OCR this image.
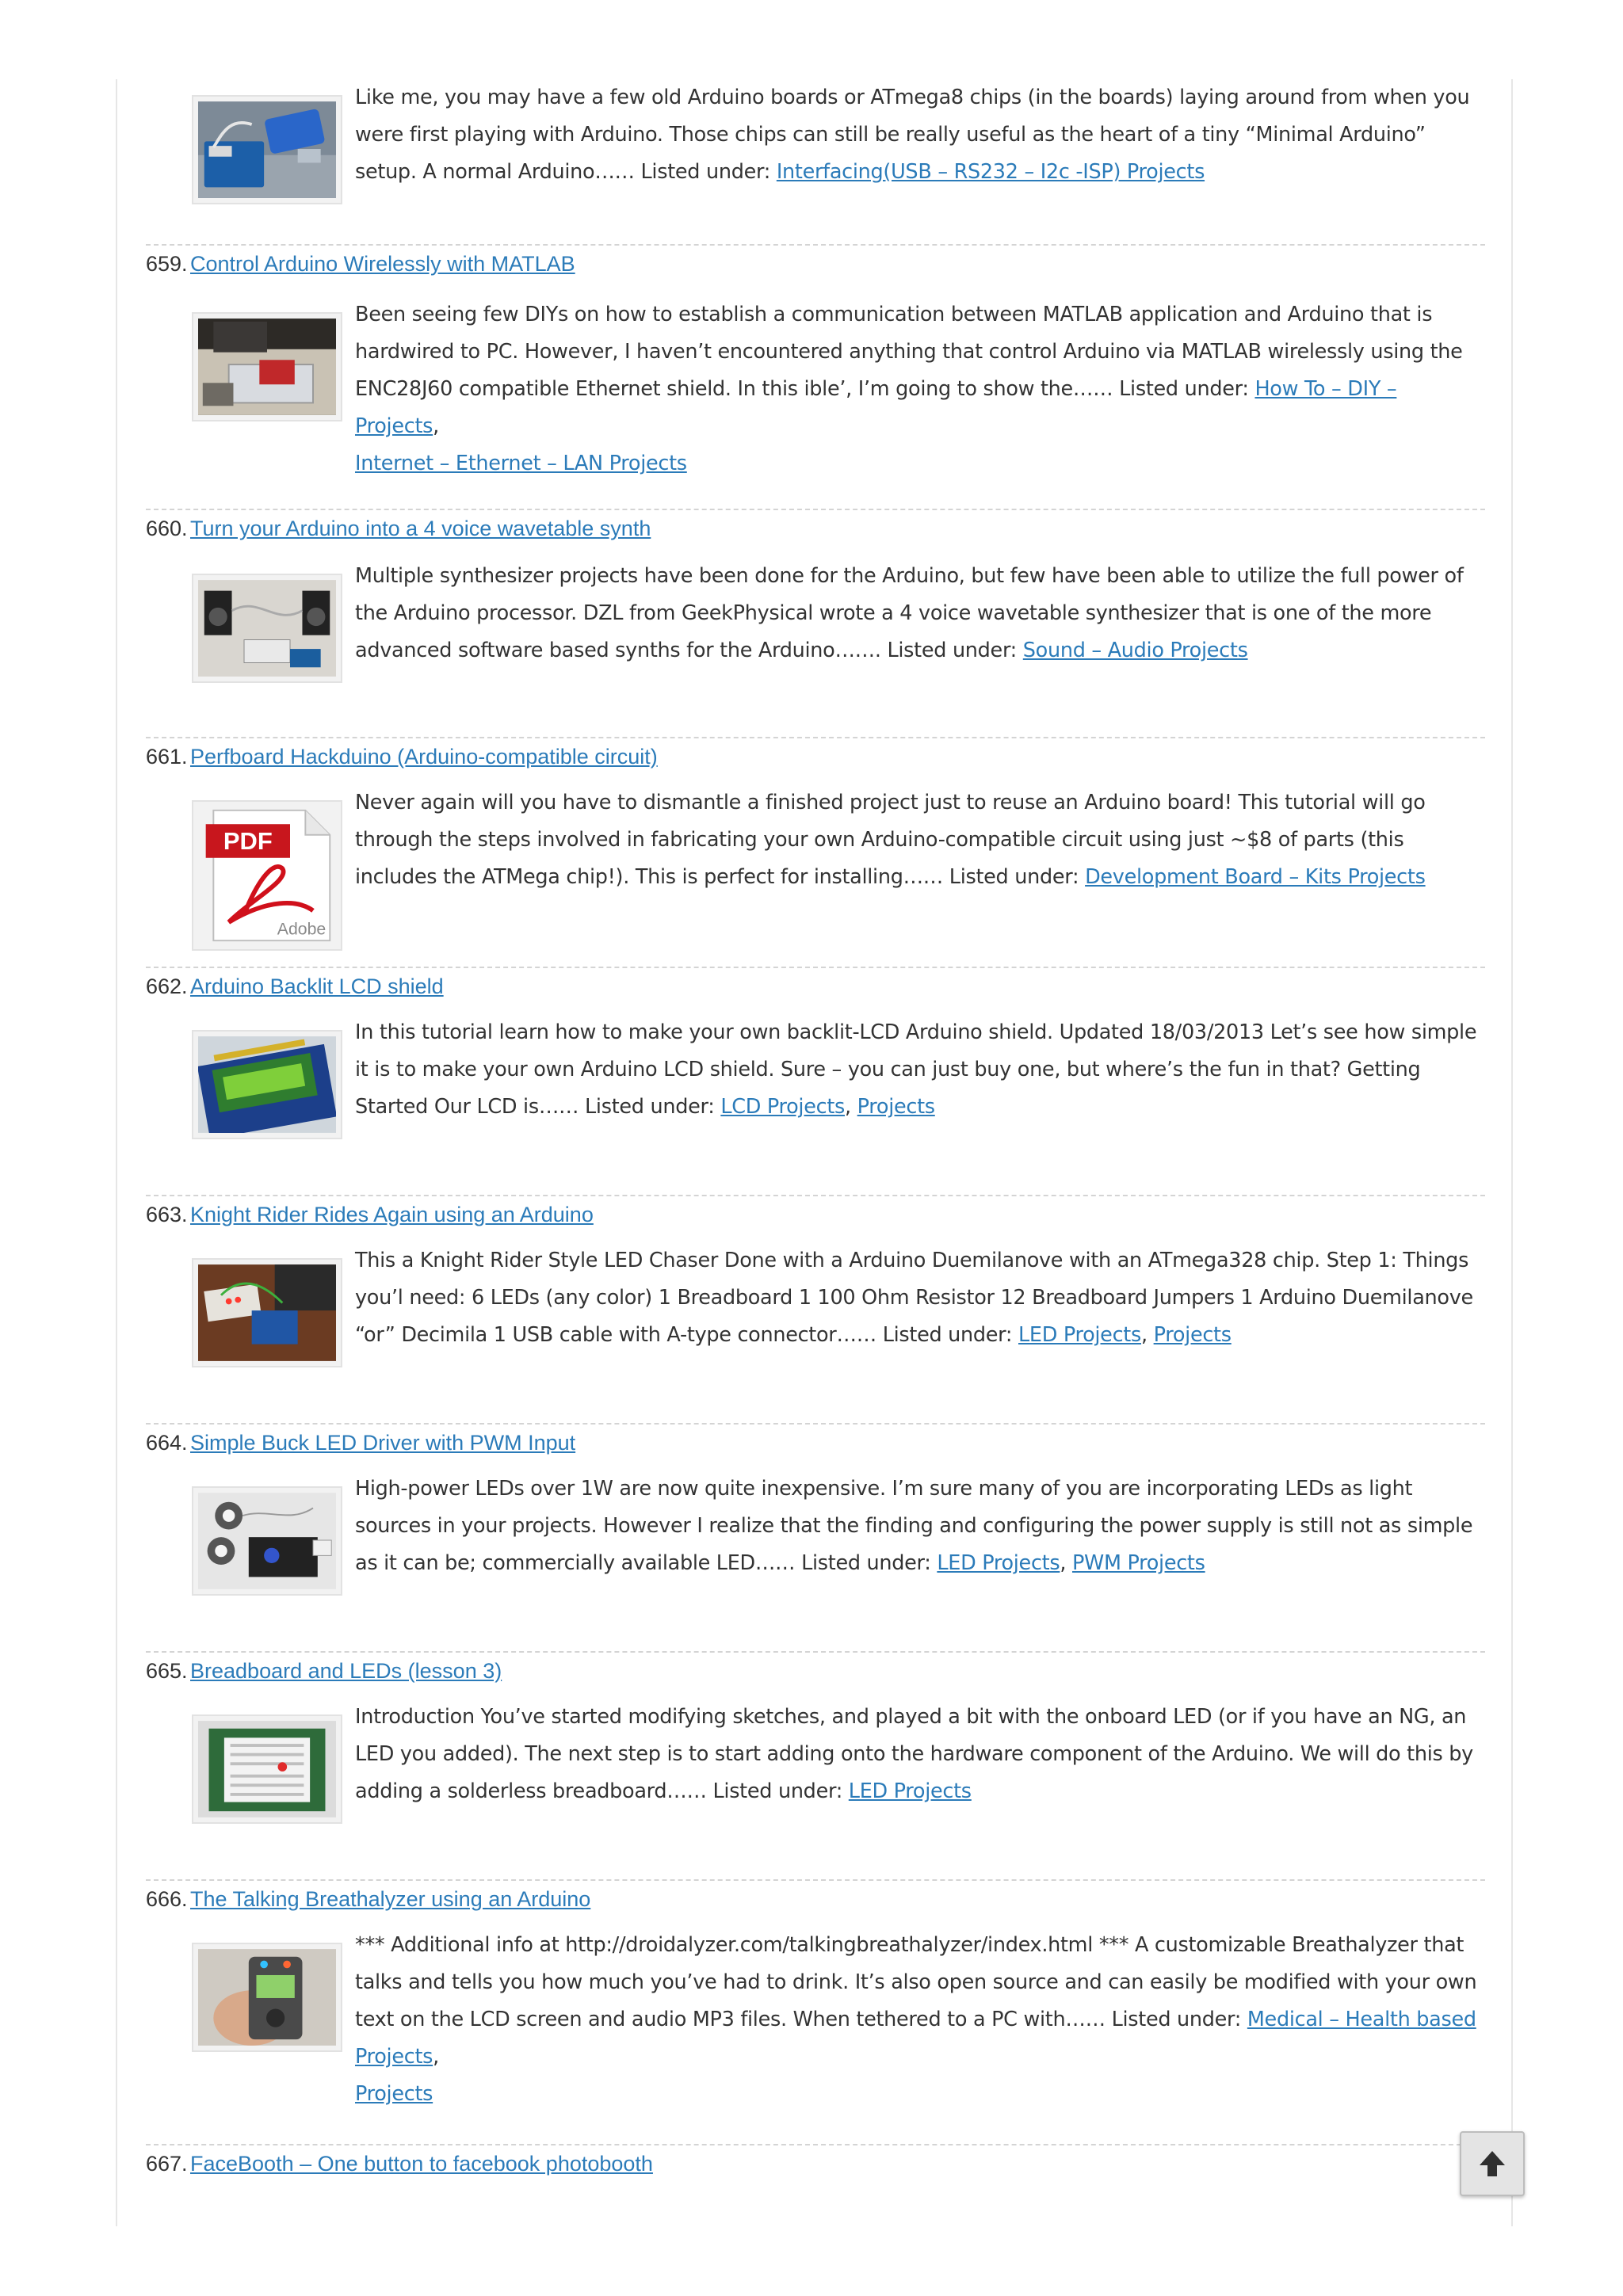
Like me, you may have a few old Arduino boards or ATmega8 chips (in the boards) laying around from when you were first playing with Arduino. Those chips can still be really useful as the heart of a tiny “Minimal Arduino” setup. A normal Arduino…… Listed under: Interfacing(USB – RS232 – I2c -ISP) Projects
659. Control Arduino Wirelessly with MATLAB
Been seeing few DIYs on how to establish a communication between MATLAB application and Arduino that is hardwired to PC. However, I haven’t encountered anything that control Arduino via MATLAB wirelessly using the ENC28J60 compatible Ethernet shield. In this ible’, I’m going to show the…… Listed under: How To – DIY – Projects,
Internet – Ethernet – LAN Projects
660. Turn your Arduino into a 4 voice wavetable synth
Multiple synthesizer projects have been done for the Arduino, but few have been able to utilize the full power of the Arduino processor. DZL from GeekPhysical wrote a 4 voice wavetable synthesizer that is one of the more advanced software based synths for the Arduino……. Listed under: Sound – Audio Projects
661. Perfboard Hackduino (Arduino-compatible circuit)
PDF
Adobe
Never again will you have to dismantle a finished project just to reuse an Arduino board! This tutorial will go through the steps involved in fabricating your own Arduino-compatible circuit using just ~$8 of parts (this includes the ATMega chip!). This is perfect for installing…… Listed under: Development Board – Kits Projects
662. Arduino Backlit LCD shield
In this tutorial learn how to make your own backlit-LCD Arduino shield. Updated 18/03/2013 Let’s see how simple it is to make your own Arduino LCD shield. Sure – you can just buy one, but where’s the fun in that? Getting Started Our LCD is…… Listed under: LCD Projects, Projects
663. Knight Rider Rides Again using an Arduino
This a Knight Rider Style LED Chaser Done with a Arduino Duemilanove with an ATmega328 chip. Step 1: Things you’l need: 6 LEDs (any color) 1 Breadboard 1 100 Ohm Resistor 12 Breadboard Jumpers 1 Arduino Duemilanove “or” Decimila 1 USB cable with A-type connector…… Listed under: LED Projects, Projects
664. Simple Buck LED Driver with PWM Input
High-power LEDs over 1W are now quite inexpensive. I’m sure many of you are incorporating LEDs as light sources in your projects. However I realize that the finding and configuring the power supply is still not as simple as it can be; commercially available LED…… Listed under: LED Projects, PWM Projects
665. Breadboard and LEDs (lesson 3)
Introduction You’ve started modifying sketches, and played a bit with the onboard LED (or if you have an NG, an LED you added). The next step is to start adding onto the hardware component of the Arduino. We will do this by adding a solderless breadboard…… Listed under: LED Projects
666. The Talking Breathalyzer using an Arduino
*** Additional info at http://droidalyzer.com/talkingbreathalyzer/index.html *** A customizable Breathalyzer that talks and tells you how much you’ve had to drink. It’s also open source and can easily be modified with your own text on the LCD screen and audio MP3 files. When tethered to a PC with…… Listed under: Medical – Health based Projects,
Projects
667. FaceBooth – One button to facebook photobooth
